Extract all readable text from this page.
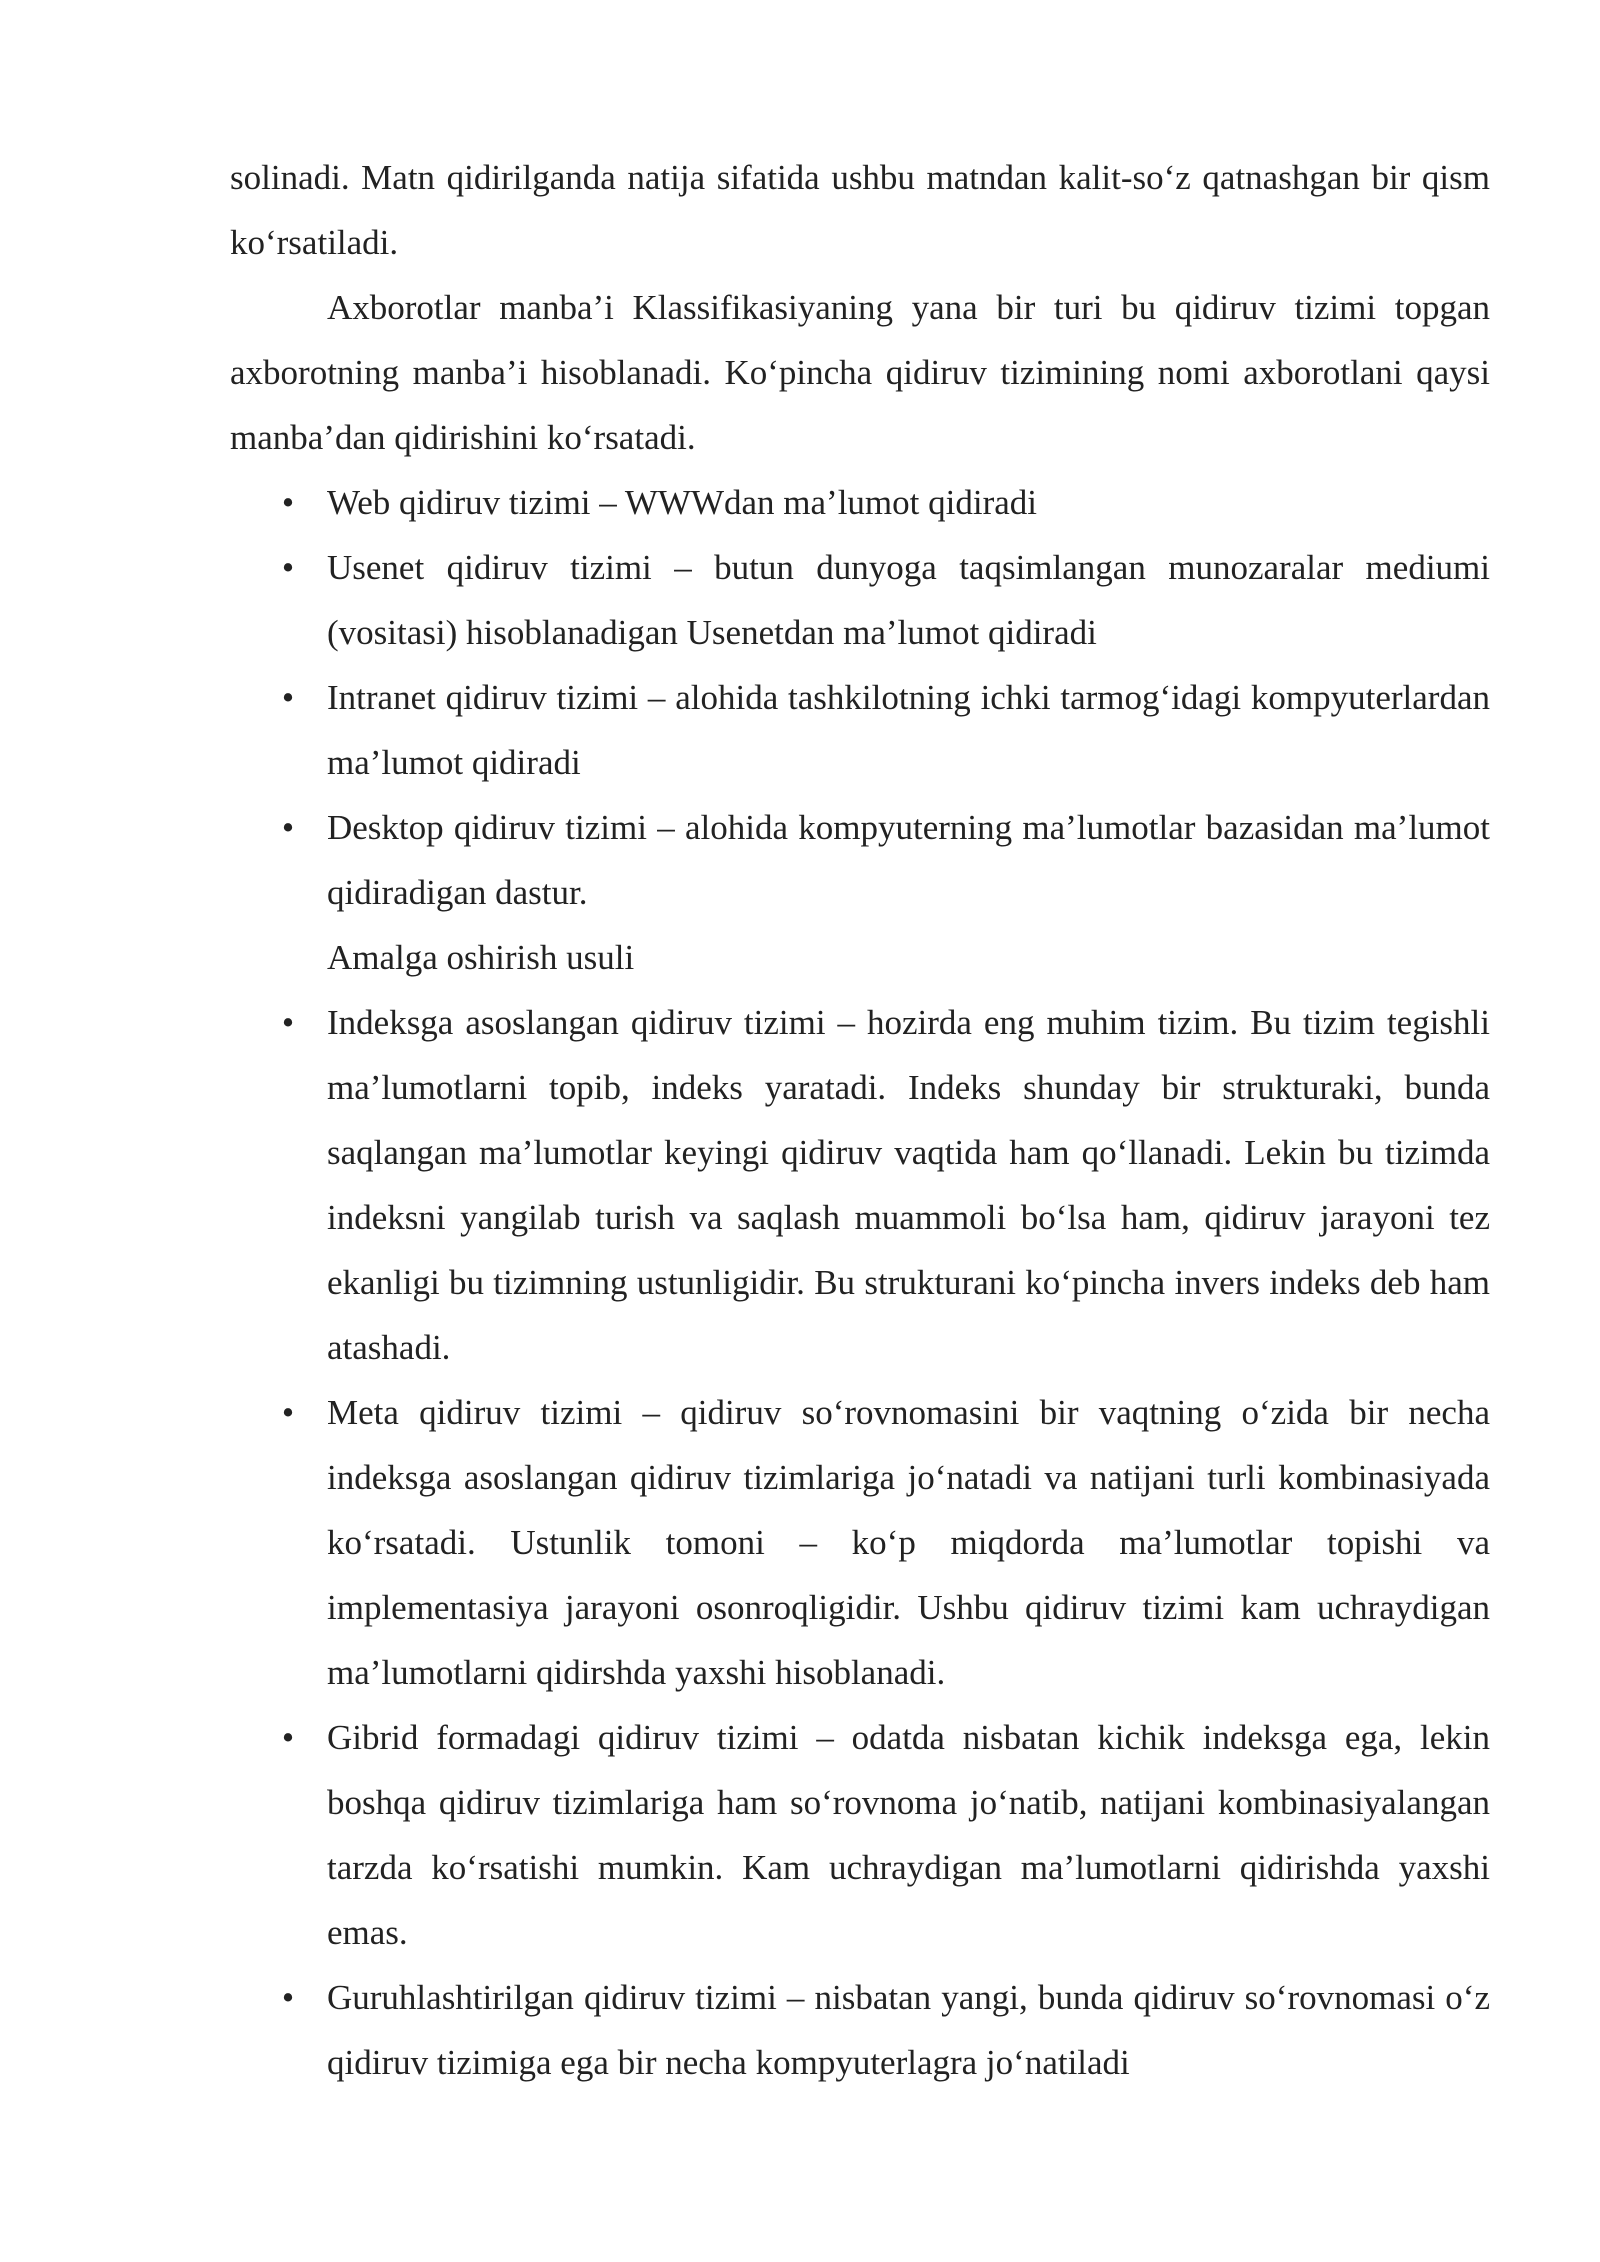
solinadi. Matn qidirilganda natija sifatida ushbu matndan kalit-so‘z qatnashgan bir qism ko‘rsatiladi.

Axborotlar manba’i Klassifikasiyaning yana bir turi bu qidiruv tizimi topgan axborotning manba’i hisoblanadi. Ko‘pincha qidiruv tizimining nomi axborotlani qaysi manba’dan qidirishini ko‘rsatadi.

• Web qidiruv tizimi – WWWdan ma’lumot qidiradi
• Usenet qidiruv tizimi – butun dunyoga taqsimlangan munozaralar mediumi (vositasi) hisoblanadigan Usenetdan ma’lumot qidiradi
• Intranet qidiruv tizimi – alohida tashkilotning ichki tarmog‘idagi kompyuterlardan ma’lumot qidiradi
• Desktop qidiruv tizimi – alohida kompyuterning ma’lumotlar bazasidan ma’lumot qidiradigan dastur.

Amalga oshirish usuli

• Indeksga asoslangan qidiruv tizimi – hozirda eng muhim tizim. Bu tizim tegishli ma’lumotlarni topib, indeks yaratadi. Indeks shunday bir strukturaki, bunda saqlangan ma’lumotlar keyingi qidiruv vaqtida ham qo‘llanadi. Lekin bu tizimda indeksni yangilab turish va saqlash muammoli bo‘lsa ham, qidiruv jarayoni tez ekanligi bu tizimning ustunligidir. Bu strukturani ko‘pincha invers indeks deb ham atashadi.
• Meta qidiruv tizimi – qidiruv so‘rovnomasini bir vaqtning o‘zida bir necha indeksga asoslangan qidiruv tizimlariga jo‘natadi va natijani turli kombinasiyada ko‘rsatadi. Ustunlik tomoni – ko‘p miqdorda ma’lumotlar topishi va implementasiya jarayoni osonroqligidir. Ushbu qidiruv tizimi kam uchraydigan ma’lumotlarni qidirshda yaxshi hisoblanadi.
• Gibrid formadagi qidiruv tizimi – odatda nisbatan kichik indeksga ega, lekin boshqa qidiruv tizimlariga ham so‘rovnoma jo‘natib, natijani kombinasiyalangan tarzda ko‘rsatishi mumkin. Kam uchraydigan ma’lumotlarni qidirishda yaxshi emas.
• Guruhlashtirilgan qidiruv tizimi – nisbatan yangi, bunda qidiruv so‘rovnomasi o‘z qidiruv tizimiga ega bir necha kompyuterlagra jo‘natiladi
